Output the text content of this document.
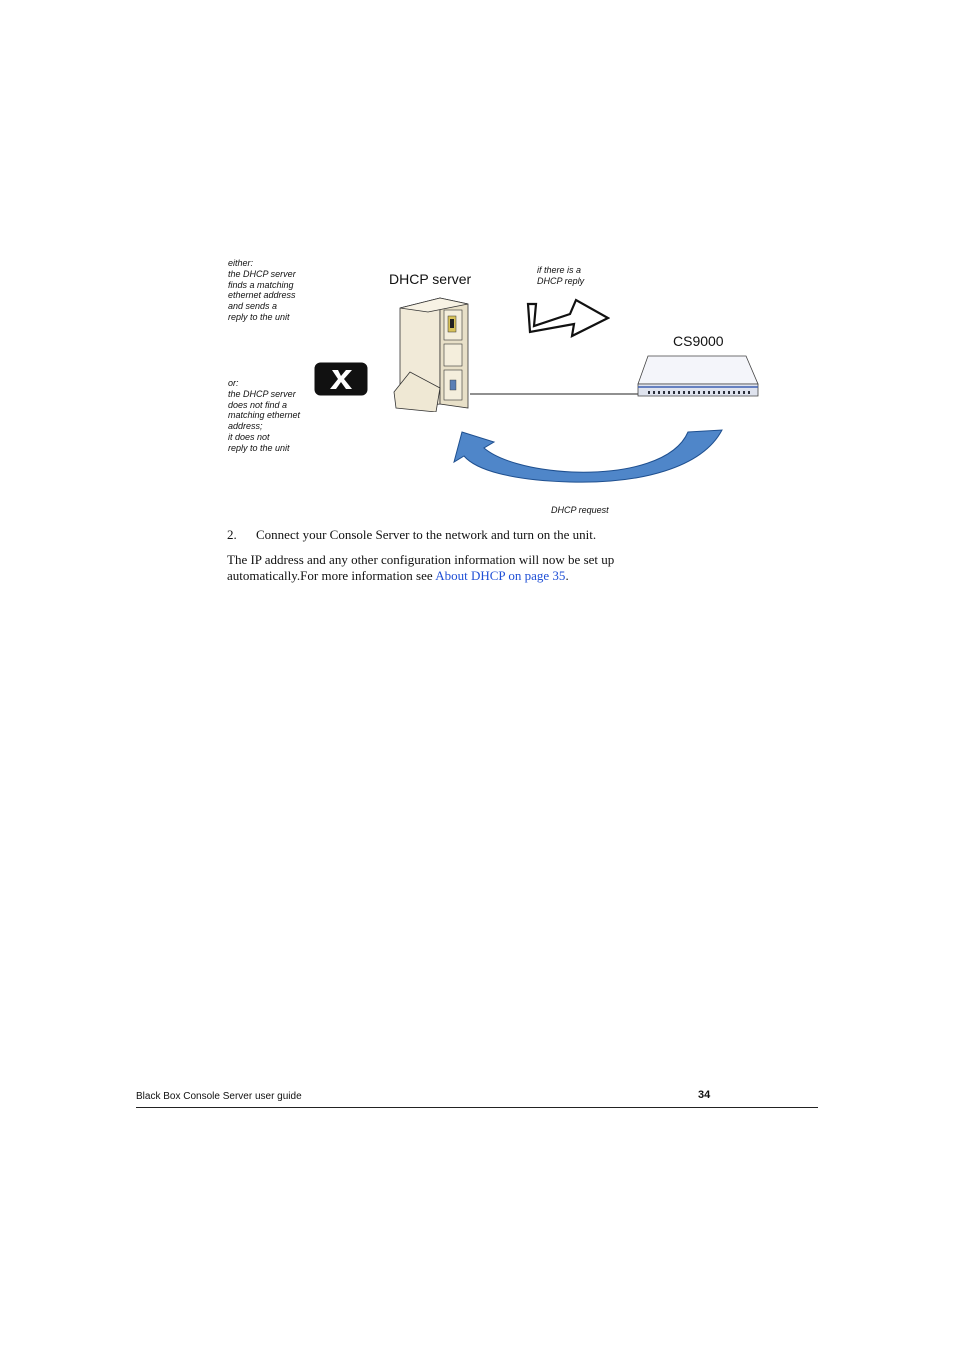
either:
the DHCP server
finds a matching
ethernet address
and sends a
reply to the unit
or:
the DHCP server
does not find a
matching ethernet
address;
it does not
reply to the unit
DHCP server
if there is a
DHCP reply
CS9000
DHCP request
2. Connect your Console Server to the network and turn on the unit.
The IP address and any other configuration information will now be set up
automatically.For more information see About DHCP on page 35.
Black Box Console Server user guide	34
